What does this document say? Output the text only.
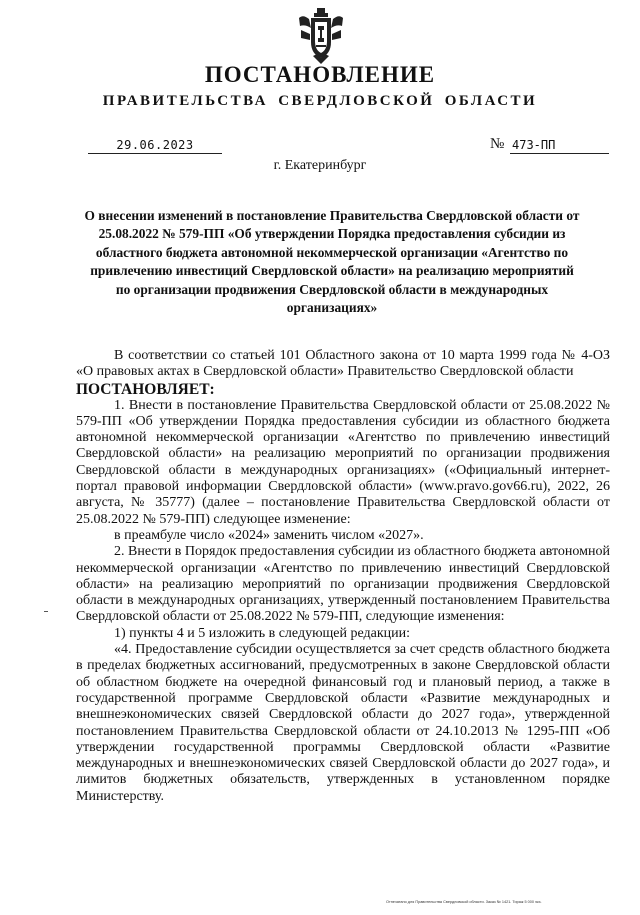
ПОСТАНОВЛЕНИЕ
ПРАВИТЕЛЬСТВА СВЕРДЛОВСКОЙ ОБЛАСТИ
29.06.2023	№ 473-ПП
г. Екатеринбург
О внесении изменений в постановление Правительства Свердловской области от 25.08.2022 № 579-ПП «Об утверждении Порядка предоставления субсидии из областного бюджета автономной некоммерческой организации «Агентство по привлечению инвестиций Свердловской области» на реализацию мероприятий по организации продвижения Свердловской области в международных организациях»

В соответствии со статьей 101 Областного закона от 10 марта 1999 года № 4-ОЗ «О правовых актах в Свердловской области» Правительство Свердловской области

ПОСТАНОВЛЯЕТ:

1. Внести в постановление Правительства Свердловской области от 25.08.2022 № 579-ПП «Об утверждении Порядка предоставления субсидии из областного бюджета автономной некоммерческой организации «Агентство по привлечению инвестиций Свердловской области» на реализацию мероприятий по организации продвижения Свердловской области в международных организациях» («Официальный интернет-портал правовой информации Свердловской области» (www.pravo.gov66.ru), 2022, 26 августа, № 35777) (далее – постановление Правительства Свердловской области от 25.08.2022 № 579-ПП) следующее изменение:

в преамбуле число «2024» заменить числом «2027».

2. Внести в Порядок предоставления субсидии из областного бюджета автономной некоммерческой организации «Агентство по привлечению инвестиций Свердловской области» на реализацию мероприятий по организации продвижения Свердловской области в международных организациях, утвержденный постановлением Правительства Свердловской области от 25.08.2022 № 579-ПП, следующие изменения:

1) пункты 4 и 5 изложить в следующей редакции:

«4. Предоставление субсидии осуществляется за счет средств областного бюджета в пределах бюджетных ассигнований, предусмотренных в законе Свердловской области об областном бюджете на очередной финансовый год и плановый период, а также в государственной программе Свердловской области «Развитие международных и внешнеэкономических связей Свердловской области до 2027 года», утвержденной постановлением Правительства Свердловской области от 24.10.2013 № 1295-ПП «Об утверждении государственной программы Свердловской области «Развитие международных и внешнеэкономических связей Свердловской области до 2027 года», и лимитов бюджетных обязательств, утвержденных в установленном порядке Министерству.

Отпечатано для Правительства Свердловской области. Заказ № 1421. Тираж 5 000 экз.
